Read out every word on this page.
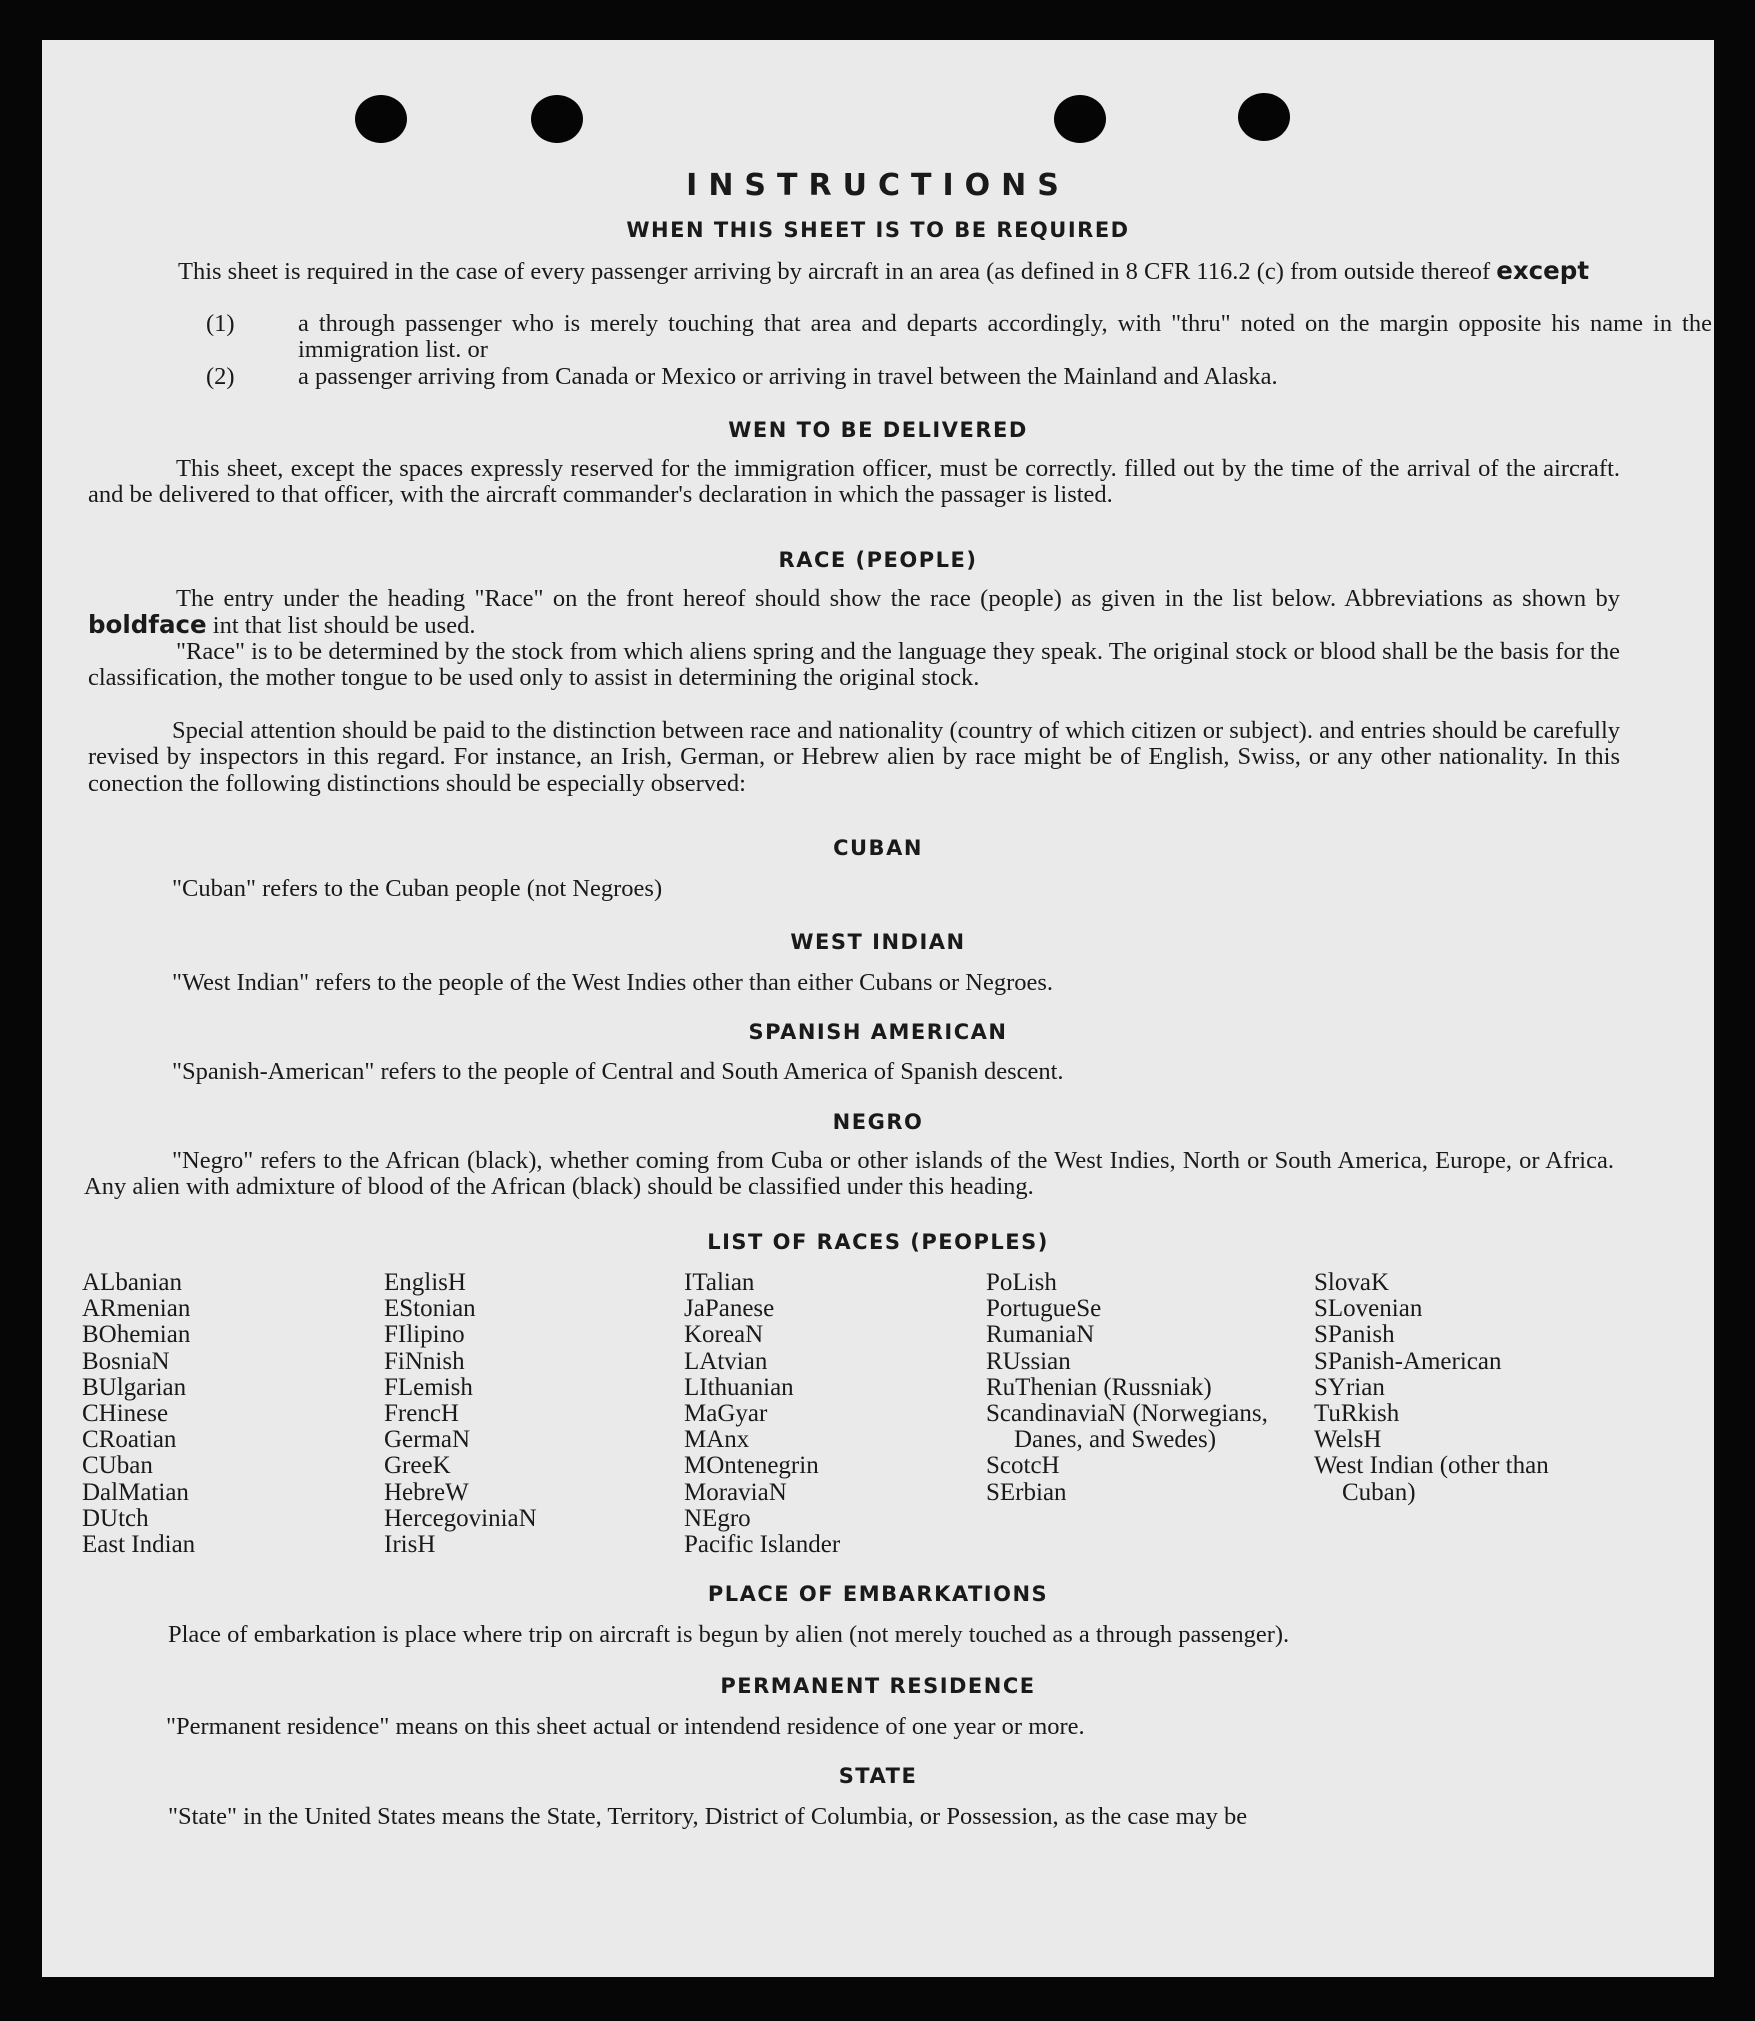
INSTRUCTIONS
WHEN THIS SHEET IS TO BE REQUIRED
This sheet is required in the case of every passenger arriving by aircraft in an area (as defined in 8 CFR 116.2 (c) from outside thereof except
(1)	a through passenger who is merely touching that area and departs accordingly, with "thru" noted on the margin opposite his name in the immigration list. or
(2)	a passenger arriving from Canada or Mexico or arriving in travel between the Mainland and Alaska.
WEN TO BE DELIVERED
This sheet, except the spaces expressly reserved for the immigration officer, must be correctly. filled out by the time of the arrival of the aircraft. and be delivered to that officer, with the aircraft commander's declaration in which the passager is listed.
RACE (PEOPLE)
The entry under the heading "Race" on the front hereof should show the race (people) as given in the list below. Abbreviations as shown by boldface int that list should be used.
"Race" is to be determined by the stock from which aliens spring and the language they speak. The original stock or blood shall be the basis for the classification, the mother tongue to be used only to assist in determining the original stock.
Special attention should be paid to the distinction between race and nationality (country of which citizen or subject). and entries should be carefully revised by inspectors in this regard. For instance, an Irish, German, or Hebrew alien by race might be of English, Swiss, or any other nationality. In this conection the following distinctions should be especially observed:
CUBAN
"Cuban" refers to the Cuban people (not Negroes)
WEST INDIAN
"West Indian" refers to the people of the West Indies other than either Cubans or Negroes.
SPANISH AMERICAN
"Spanish-American" refers to the people of Central and South America of Spanish descent.
NEGRO
"Negro" refers to the African (black), whether coming from Cuba or other islands of the West Indies, North or South America, Europe, or Africa. Any alien with admixture of blood of the African (black) should be classified under this heading.
LIST OF RACES (PEOPLES)
ALbanian
ARmenian
BOhemian
BosniaN
BUlgarian
CHinese
CRoatian
CUban
DalMatian
DUtch
East Indian
EnglisH
EStonian
FIlipino
FiNnish
FLemish
FrencH
GermaN
GreeK
HebreW
HercegoviniaN
IrisH
ITalian
JaPanese
KoreaN
LAtvian
LIthuanian
MaGyar
MAnx
MOntenegrin
MoraviaN
NEgro
Pacific Islander
PoLish
PortugueSe
RumaniaN
RUssian
RuThenian (Russniak)
ScandinaviaN (Norwegians, Danes, and Swedes)
ScotcH
SErbian
SlovaK
SLovenian
SPanish
SPanish-American
SYrian
TuRkish
WelsH
West Indian (other than Cuban)
PLACE OF EMBARKATIONS
Place of embarkation is place where trip on aircraft is begun by alien (not merely touched as a through passenger).
PERMANENT RESIDENCE
"Permanent residence" means on this sheet actual or intendend residence of one year or more.
STATE
"State" in the United States means the State, Territory, District of Columbia, or Possession, as the case may be
